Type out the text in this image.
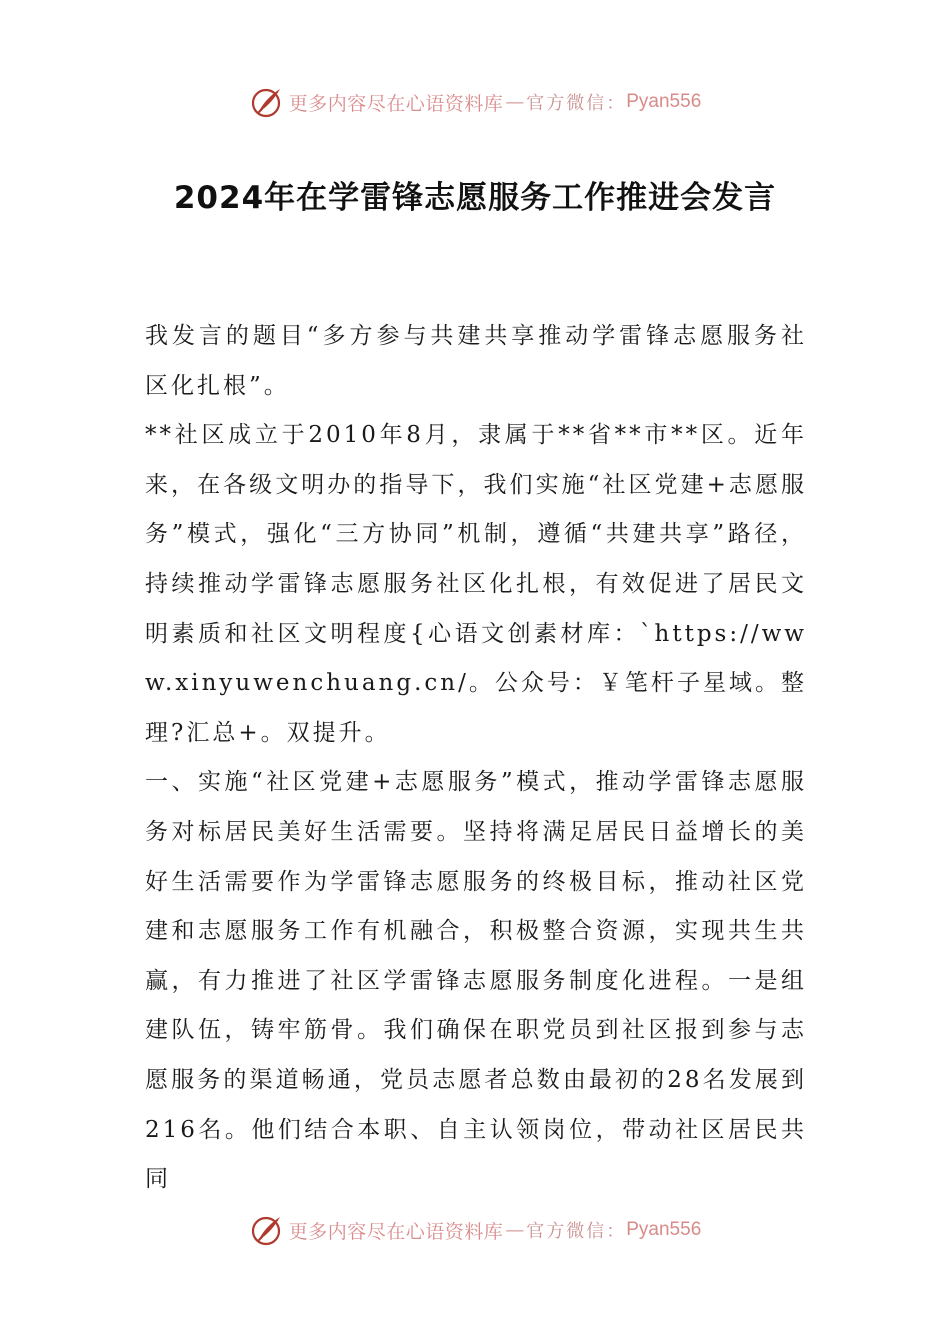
更多内容尽在心语资料库 — 官方微信： Pyan556
2024年在学雷锋志愿服务工作推进会发言

我发言的题目“多方参与共建共享推动学雷锋志愿服务社区化扎根”。

**社区成立于2010年8月，隶属于**省**市**区。近年来，在各级文明办的指导下，我们实施“社区党建+志愿服务”模式，强化“三方协同”机制，遵循“共建共享”路径，持续推动学雷锋志愿服务社区化扎根，有效促进了居民文明素质和社区文明程度{心语文创素材库：`https://www.xinyuwenchuang.cn/。公众号：￥笔杆子星域。整理?汇总+。双提升。

一、实施“社区党建+志愿服务”模式，推动学雷锋志愿服务对标居民美好生活需要。坚持将满足居民日益增长的美好生活需要作为学雷锋志愿服务的终极目标，推动社区党建和志愿服务工作有机融合，积极整合资源，实现共生共赢，有力推进了社区学雷锋志愿服务制度化进程。一是组建队伍，铸牢筋骨。我们确保在职党员到社区报到参与志愿服务的渠道畅通，党员志愿者总数由最初的28名发展到216名。他们结合本职、自主认领岗位，带动社区居民共同

更多内容尽在心语资料库 — 官方微信： Pyan556
